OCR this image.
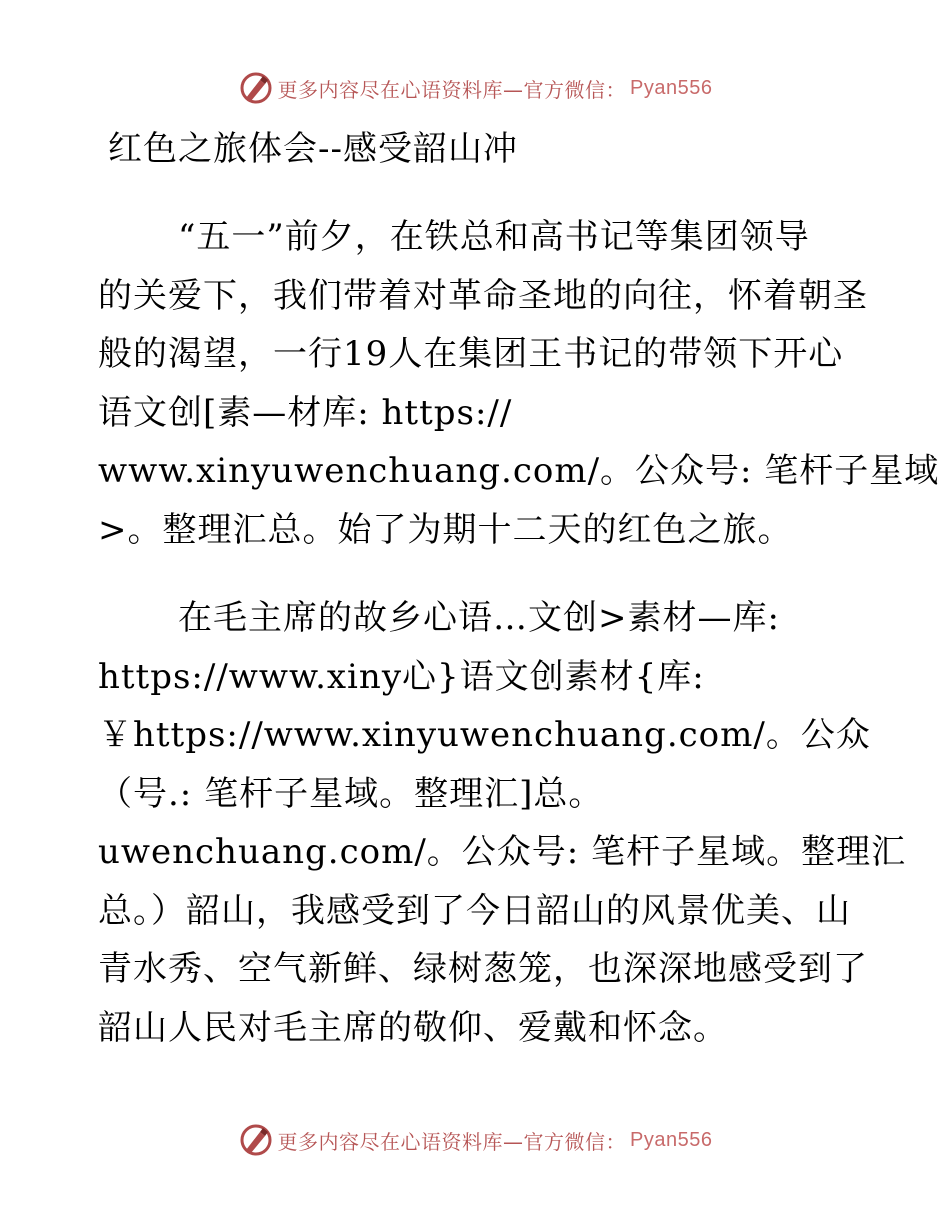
更多内容尽在心语资料库—官方微信： Pyan556
红色之旅体会--感受韶山冲

“五一”前夕，在铁总和高书记等集团领导
的关爱下，我们带着对革命圣地的向往，怀着朝圣
般的渴望，一行19人在集团王书记的带领下开心
语文创[素—材库: https://
www.xinyuwenchuang.com/。公众号: 笔杆子星域
>。整理汇总。始了为期十二天的红色之旅。

在毛主席的故乡心语…文创>素材—库:
https://www.xiny心}语文创素材{库:
￥https://www.xinyuwenchuang.com/。公众
（号.: 笔杆子星域。整理汇]总。
uwenchuang.com/。公众号: 笔杆子星域。整理汇
总。）韶山，我感受到了今日韶山的风景优美、山
青水秀、空气新鲜、绿树葱笼，也深深地感受到了
韶山人民对毛主席的敬仰、爱戴和怀念。

更多内容尽在心语资料库—官方微信： Pyan556
